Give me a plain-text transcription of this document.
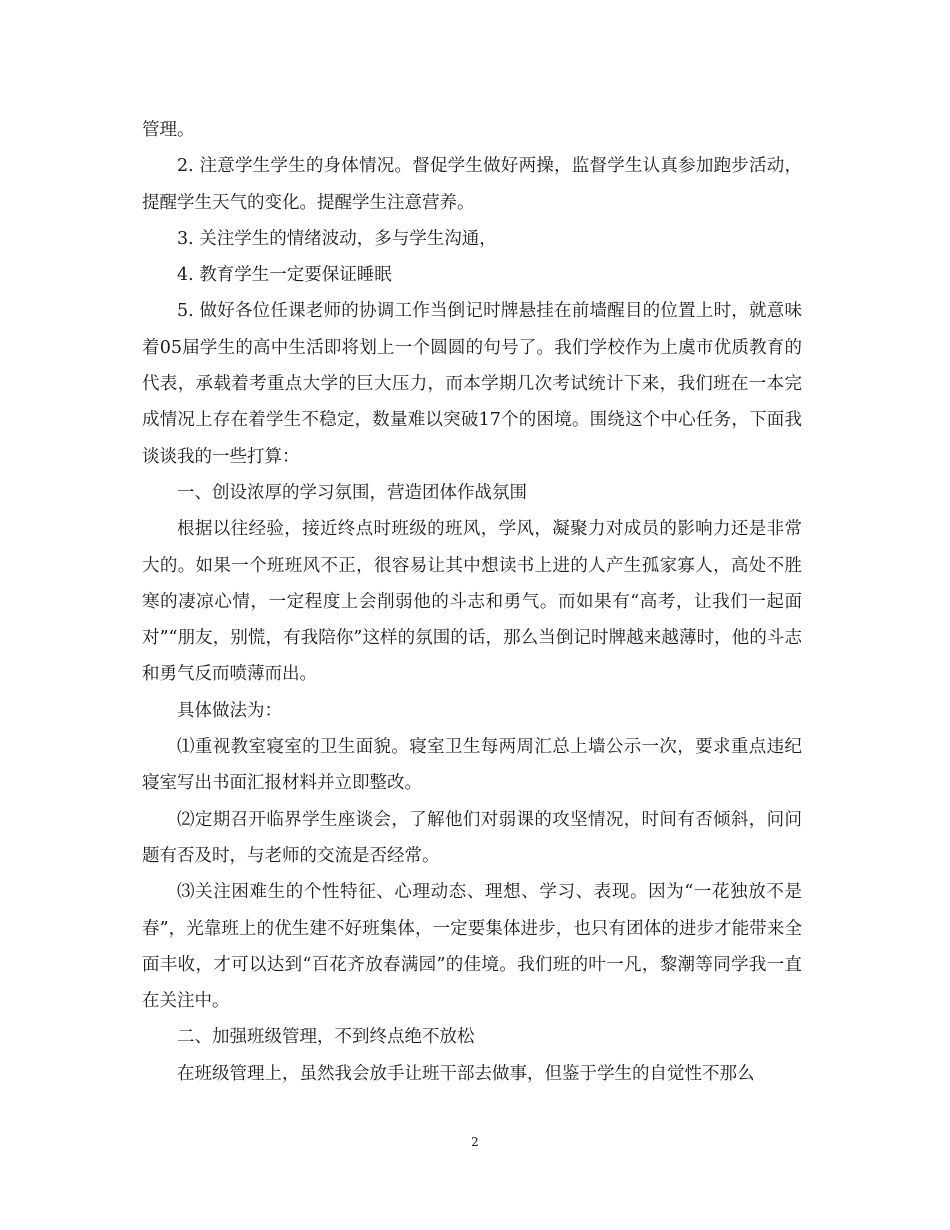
管理。

2. 注意学生学生的身体情况。督促学生做好两操，监督学生认真参加跑步活动，提醒学生天气的变化。提醒学生注意营养。

3. 关注学生的情绪波动，多与学生沟通，

4. 教育学生一定要保证睡眠

5. 做好各位任课老师的协调工作当倒记时牌悬挂在前墙醒目的位置上时，就意味着05届学生的高中生活即将划上一个圆圆的句号了。我们学校作为上虞市优质教育的代表，承载着考重点大学的巨大压力，而本学期几次考试统计下来，我们班在一本完成情况上存在着学生不稳定，数量难以突破17个的困境。围绕这个中心任务，下面我谈谈我的一些打算：

一、创设浓厚的学习氛围，营造团体作战氛围

根据以往经验，接近终点时班级的班风，学风，凝聚力对成员的影响力还是非常大的。如果一个班班风不正，很容易让其中想读书上进的人产生孤家寡人，高处不胜寒的凄凉心情，一定程度上会削弱他的斗志和勇气。而如果有“高考，让我们一起面对”“朋友，别慌，有我陪你”这样的氛围的话，那么当倒记时牌越来越薄时，他的斗志和勇气反而喷薄而出。

具体做法为：

⑴重视教室寝室的卫生面貌。寝室卫生每两周汇总上墙公示一次，要求重点违纪寝室写出书面汇报材料并立即整改。

⑵定期召开临界学生座谈会，了解他们对弱课的攻坚情况，时间有否倾斜，问问题有否及时，与老师的交流是否经常。

⑶关注困难生的个性特征、心理动态、理想、学习、表现。因为“一花独放不是春”，光靠班上的优生建不好班集体，一定要集体进步，也只有团体的进步才能带来全面丰收，才可以达到“百花齐放春满园”的佳境。我们班的叶一凡，黎潮等同学我一直在关注中。

二、加强班级管理，不到终点绝不放松

在班级管理上，虽然我会放手让班干部去做事，但鉴于学生的自觉性不那么

2
